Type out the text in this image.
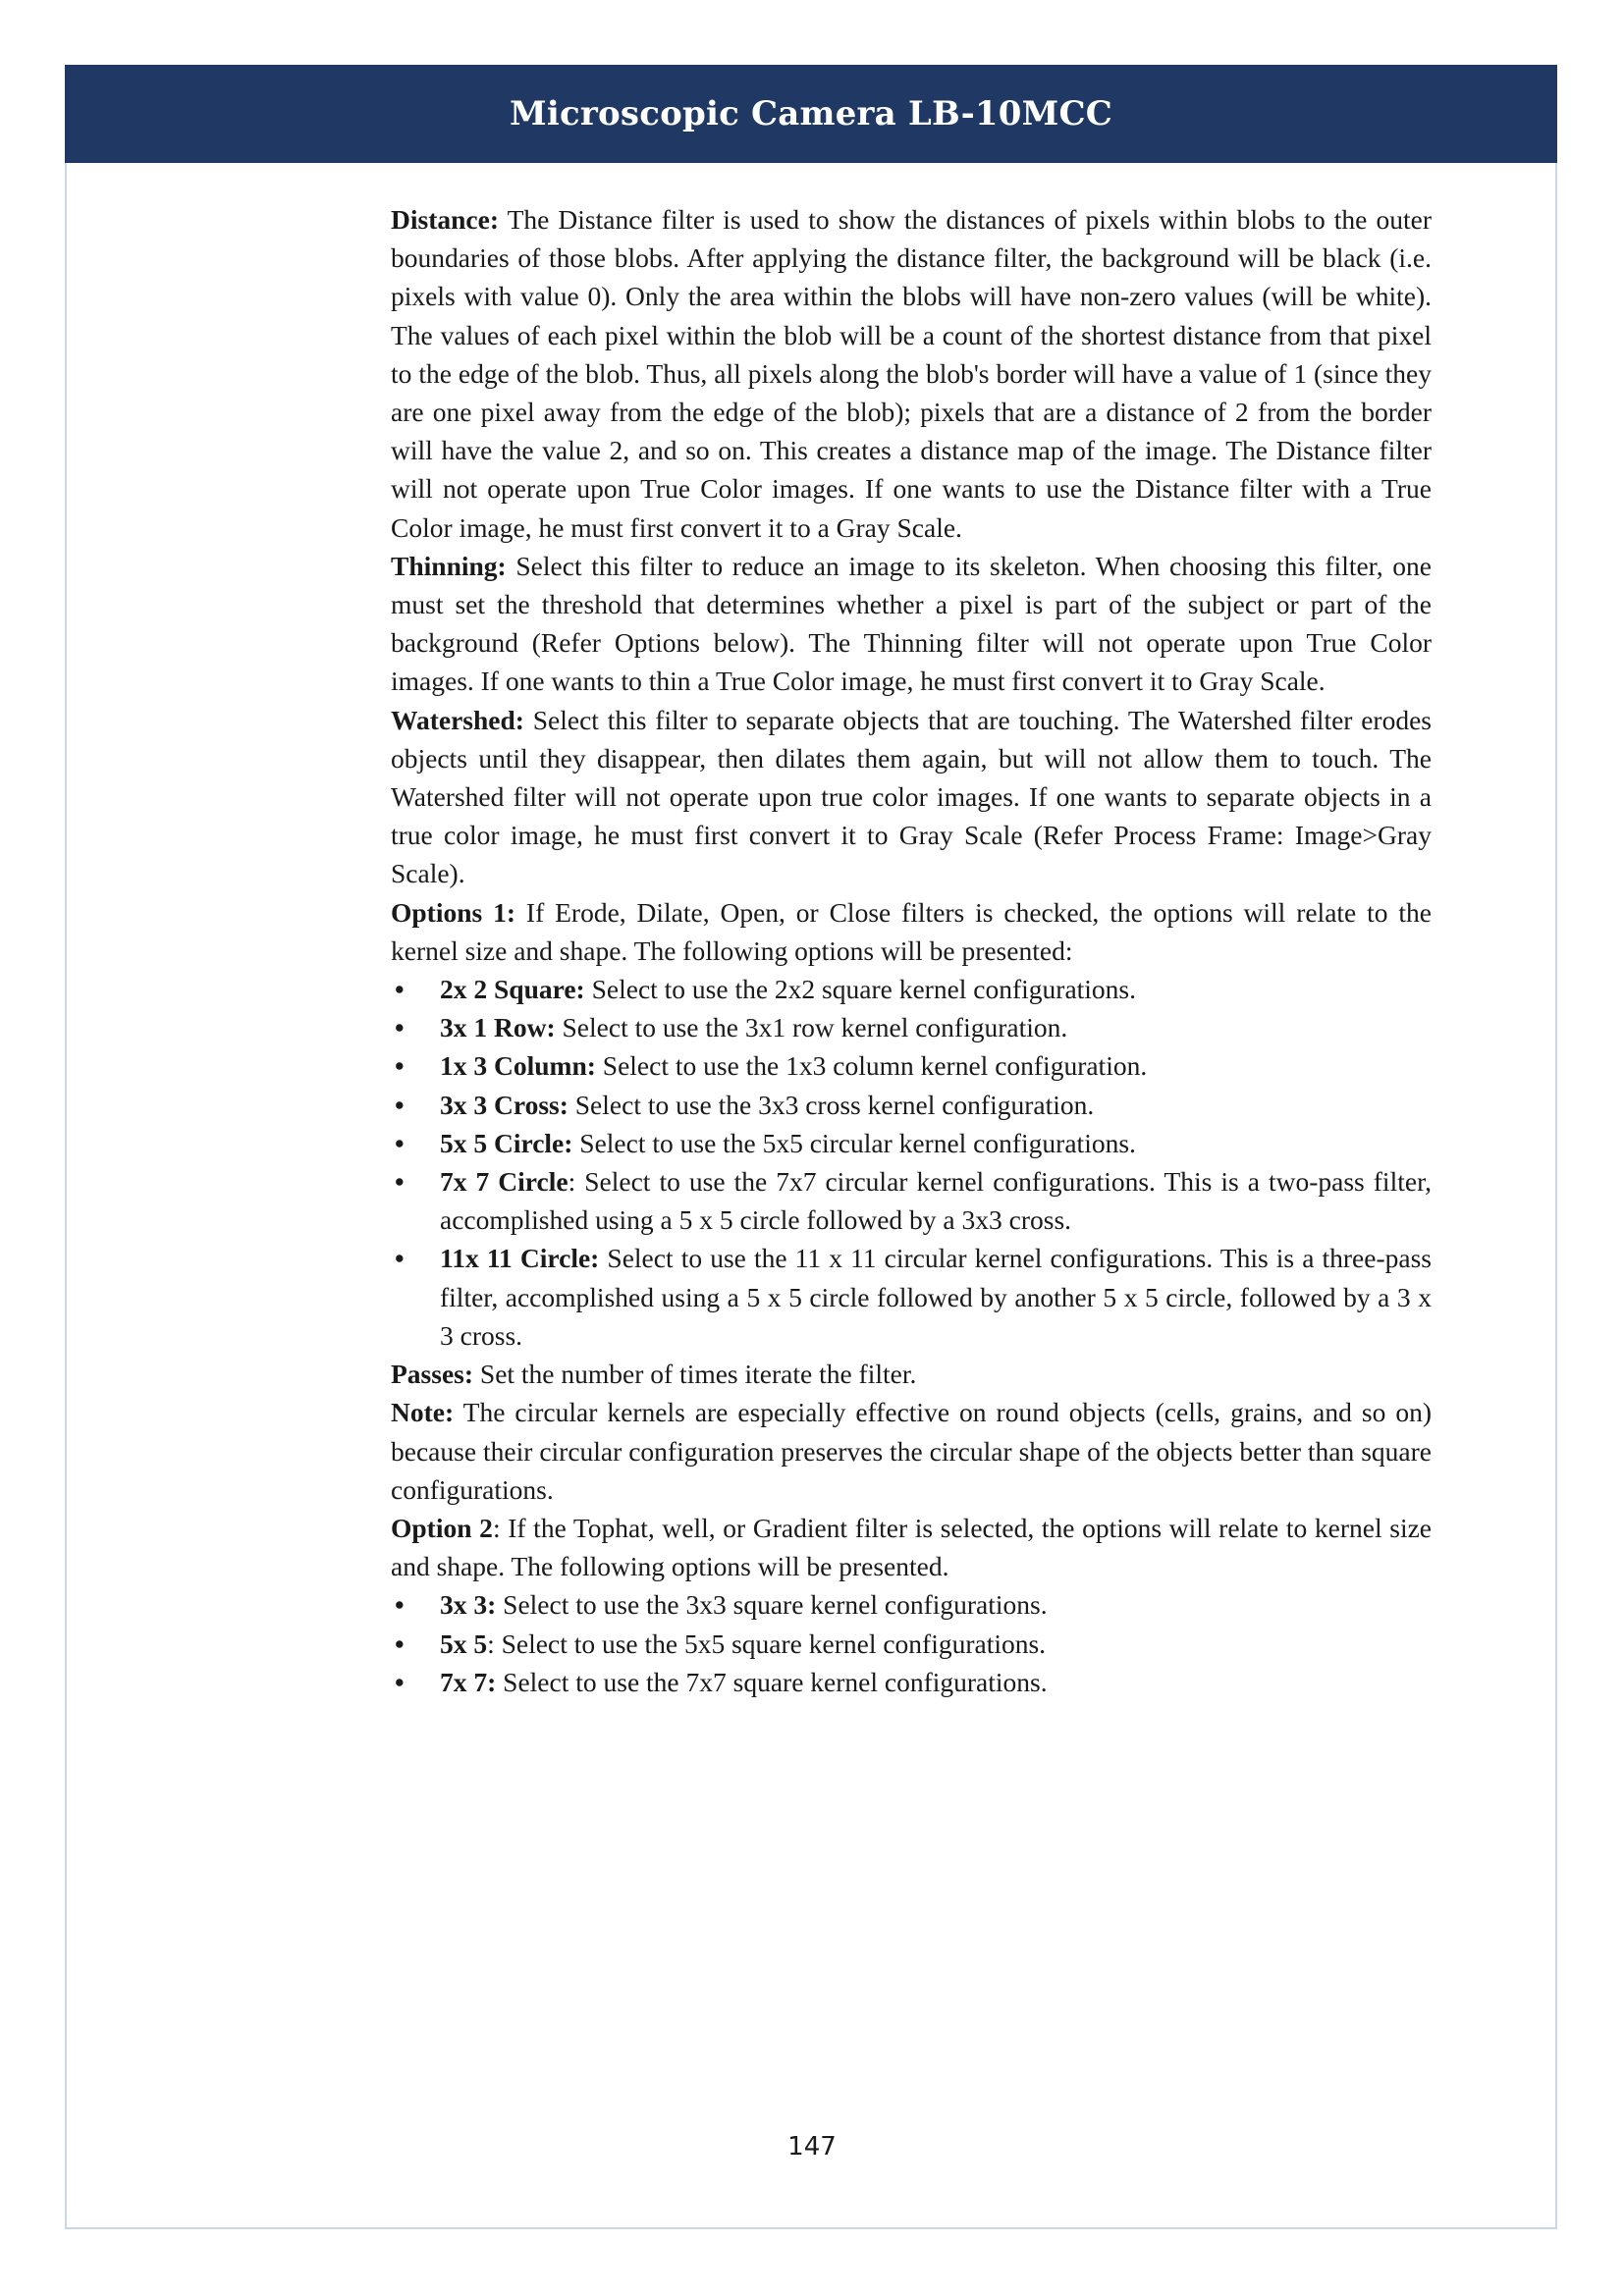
Microscopic Camera LB-10MCC

Distance: The Distance filter is used to show the distances of pixels within blobs to the outer boundaries of those blobs. After applying the distance filter, the background will be black (i.e. pixels with value 0). Only the area within the blobs will have non-zero values (will be white). The values of each pixel within the blob will be a count of the shortest distance from that pixel to the edge of the blob. Thus, all pixels along the blob's border will have a value of 1 (since they are one pixel away from the edge of the blob); pixels that are a distance of 2 from the border will have the value 2, and so on. This creates a distance map of the image. The Distance filter will not operate upon True Color images. If one wants to use the Distance filter with a True Color image, he must first convert it to a Gray Scale.

Thinning: Select this filter to reduce an image to its skeleton. When choosing this filter, one must set the threshold that determines whether a pixel is part of the subject or part of the background (Refer Options below). The Thinning filter will not operate upon True Color images. If one wants to thin a True Color image, he must first convert it to Gray Scale.

Watershed: Select this filter to separate objects that are touching. The Watershed filter erodes objects until they disappear, then dilates them again, but will not allow them to touch. The Watershed filter will not operate upon true color images. If one wants to separate objects in a true color image, he must first convert it to Gray Scale (Refer Process Frame: Image>Gray Scale).

Options 1: If Erode, Dilate, Open, or Close filters is checked, the options will relate to the kernel size and shape. The following options will be presented:

• 2x 2 Square: Select to use the 2x2 square kernel configurations.
• 3x 1 Row: Select to use the 3x1 row kernel configuration.
• 1x 3 Column: Select to use the 1x3 column kernel configuration.
• 3x 3 Cross: Select to use the 3x3 cross kernel configuration.
• 5x 5 Circle: Select to use the 5x5 circular kernel configurations.
• 7x 7 Circle: Select to use the 7x7 circular kernel configurations. This is a two-pass filter, accomplished using a 5 x 5 circle followed by a 3x3 cross.
• 11x 11 Circle: Select to use the 11 x 11 circular kernel configurations. This is a three-pass filter, accomplished using a 5 x 5 circle followed by another 5 x 5 circle, followed by a 3 x 3 cross.

Passes: Set the number of times iterate the filter.

Note: The circular kernels are especially effective on round objects (cells, grains, and so on) because their circular configuration preserves the circular shape of the objects better than square configurations.

Option 2: If the Tophat, well, or Gradient filter is selected, the options will relate to kernel size and shape. The following options will be presented.

• 3x 3: Select to use the 3x3 square kernel configurations.
• 5x 5: Select to use the 5x5 square kernel configurations.
• 7x 7: Select to use the 7x7 square kernel configurations.
147
